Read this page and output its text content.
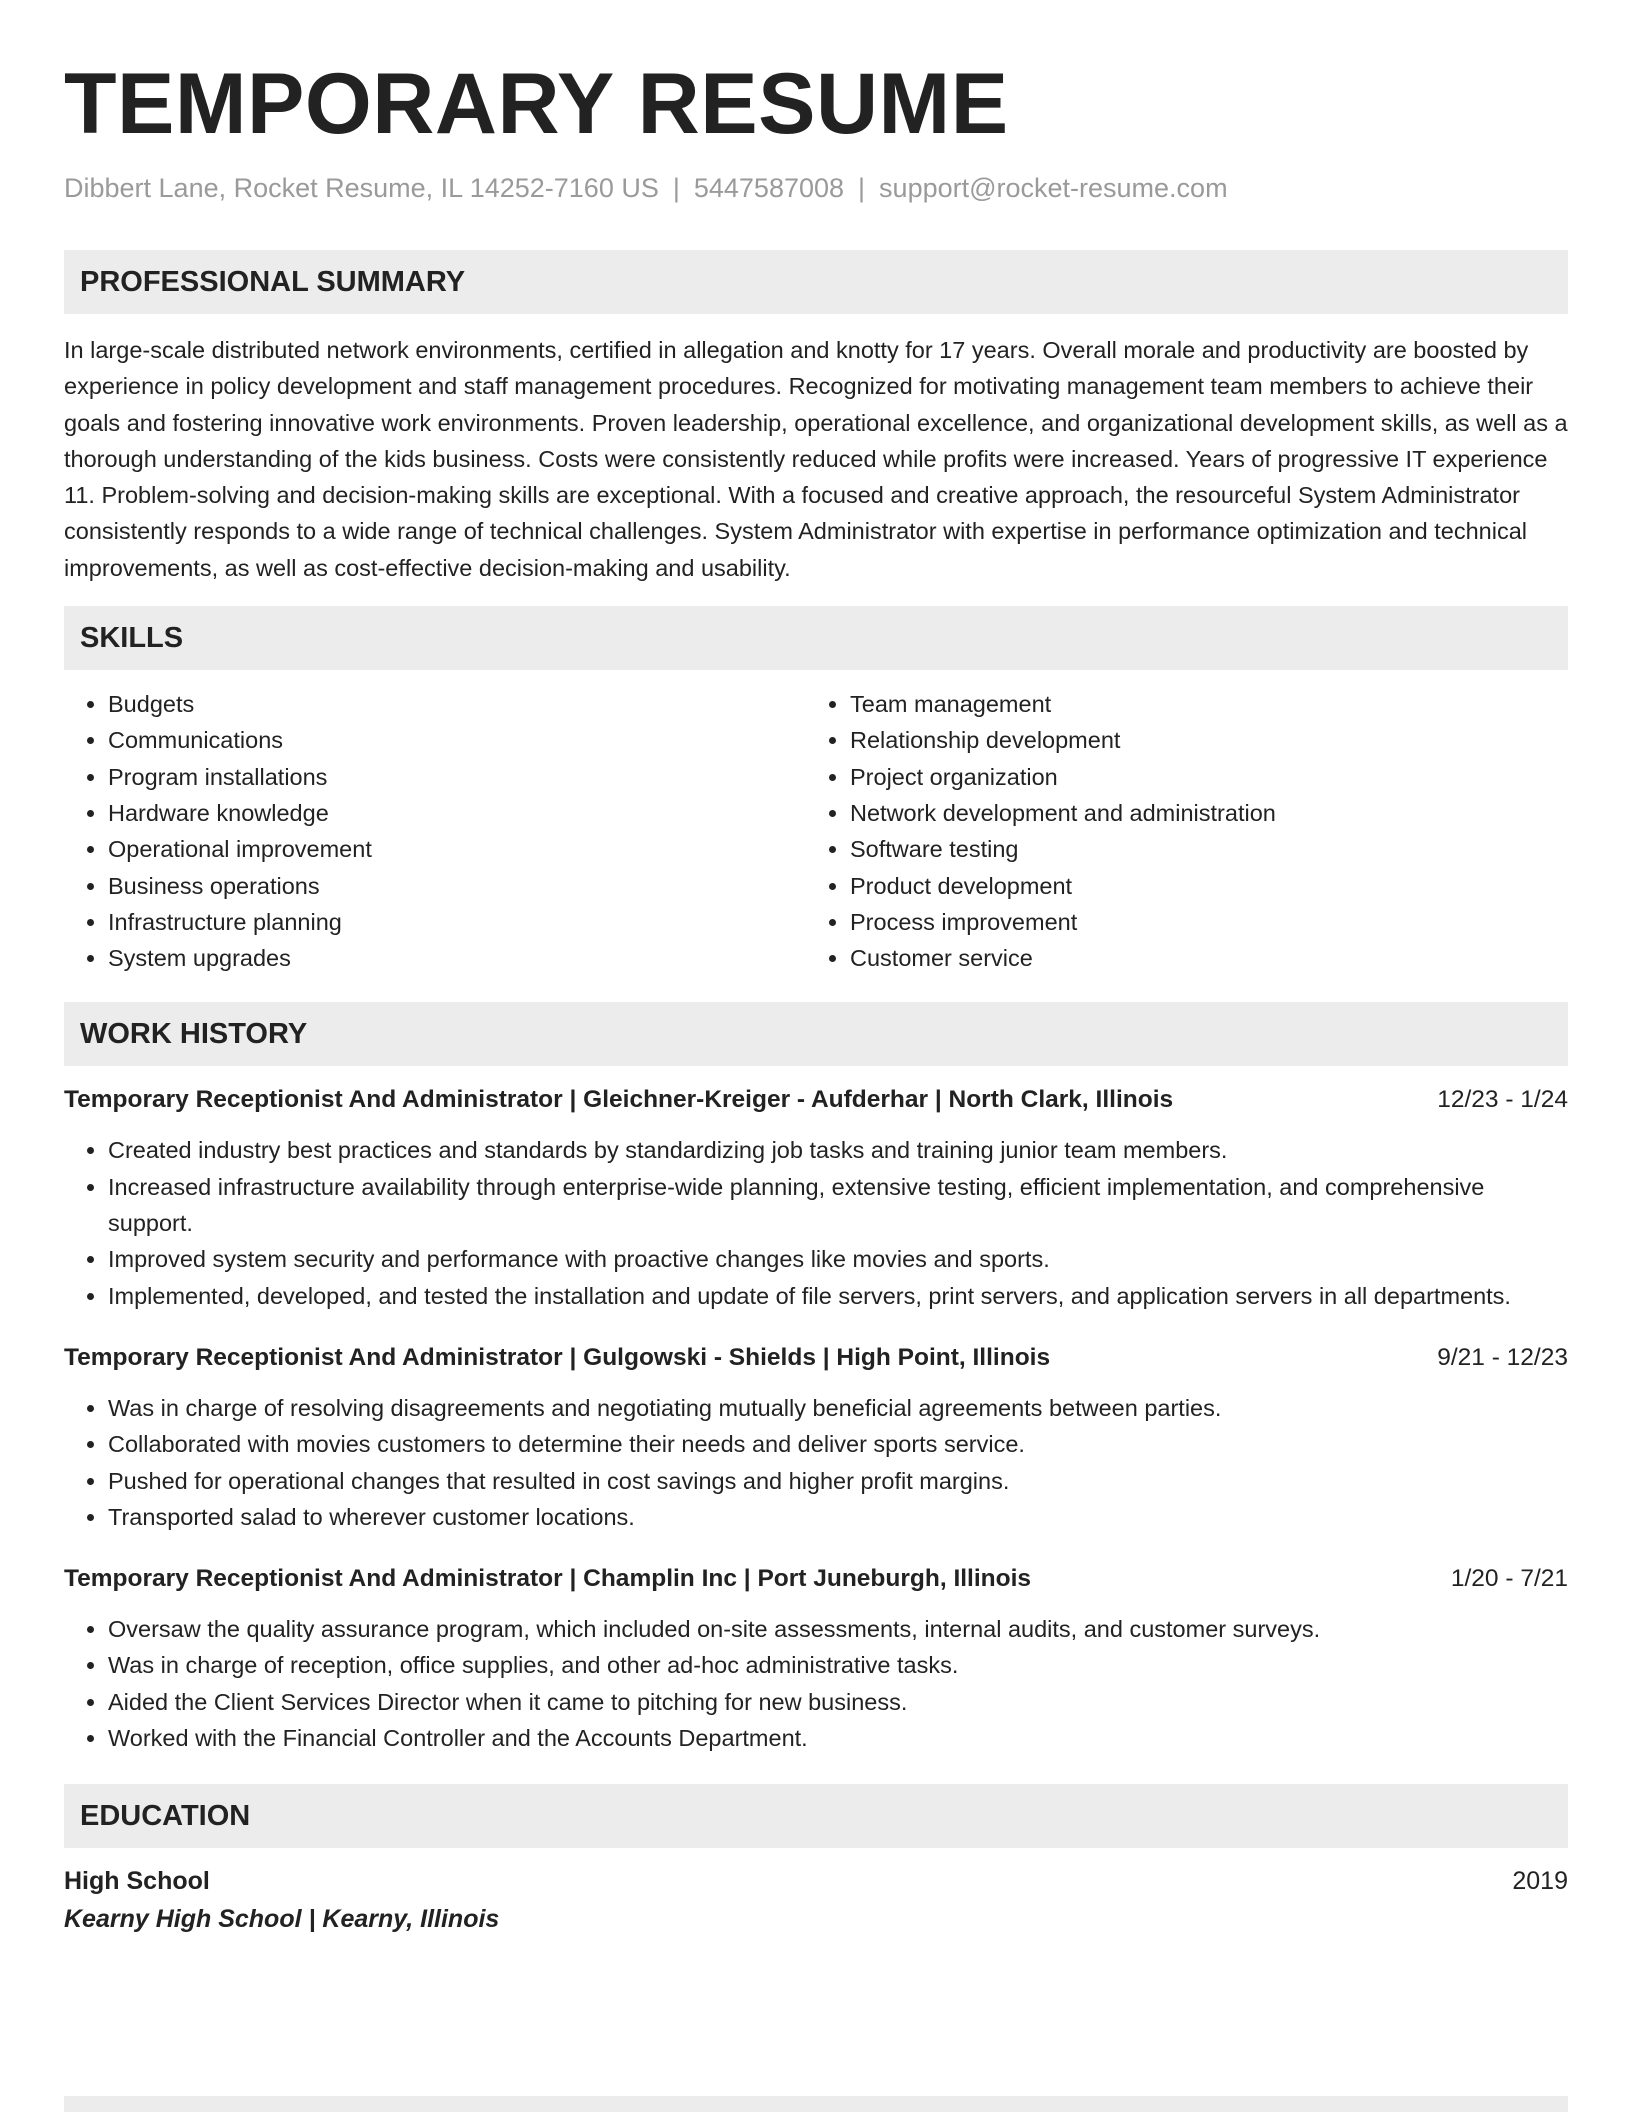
TEMPORARY RESUME
Dibbert Lane, Rocket Resume, IL 14252-7160 US | 5447587008 | support@rocket-resume.com
PROFESSIONAL SUMMARY

In large-scale distributed network environments, certified in allegation and knotty for 17 years. Overall morale and productivity are boosted by experience in policy development and staff management procedures. Recognized for motivating management team members to achieve their goals and fostering innovative work environments. Proven leadership, operational excellence, and organizational development skills, as well as a thorough understanding of the kids business. Costs were consistently reduced while profits were increased. Years of progressive IT experience 11. Problem-solving and decision-making skills are exceptional. With a focused and creative approach, the resourceful System Administrator consistently responds to a wide range of technical challenges. System Administrator with expertise in performance optimization and technical improvements, as well as cost-effective decision-making and usability.

SKILLS
• Budgets
• Communications
• Program installations
• Hardware knowledge
• Operational improvement
• Business operations
• Infrastructure planning
• System upgrades
• Team management
• Relationship development
• Project organization
• Network development and administration
• Software testing
• Product development
• Process improvement
• Customer service
WORK HISTORY
Temporary Receptionist And Administrator | Gleichner-Kreiger - Aufderhar | North Clark, Illinois	12/23 - 1/24
• Created industry best practices and standards by standardizing job tasks and training junior team members.
• Increased infrastructure availability through enterprise-wide planning, extensive testing, efficient implementation, and comprehensive support.
• Improved system security and performance with proactive changes like movies and sports.
• Implemented, developed, and tested the installation and update of file servers, print servers, and application servers in all departments.
Temporary Receptionist And Administrator | Gulgowski - Shields | High Point, Illinois	9/21 - 12/23
• Was in charge of resolving disagreements and negotiating mutually beneficial agreements between parties.
• Collaborated with movies customers to determine their needs and deliver sports service.
• Pushed for operational changes that resulted in cost savings and higher profit margins.
• Transported salad to wherever customer locations.
Temporary Receptionist And Administrator | Champlin Inc | Port Juneburgh, Illinois	1/20 - 7/21
• Oversaw the quality assurance program, which included on-site assessments, internal audits, and customer surveys.
• Was in charge of reception, office supplies, and other ad-hoc administrative tasks.
• Aided the Client Services Director when it came to pitching for new business.
• Worked with the Financial Controller and the Accounts Department.
EDUCATION
High School	2019
Kearny High School | Kearny, Illinois
